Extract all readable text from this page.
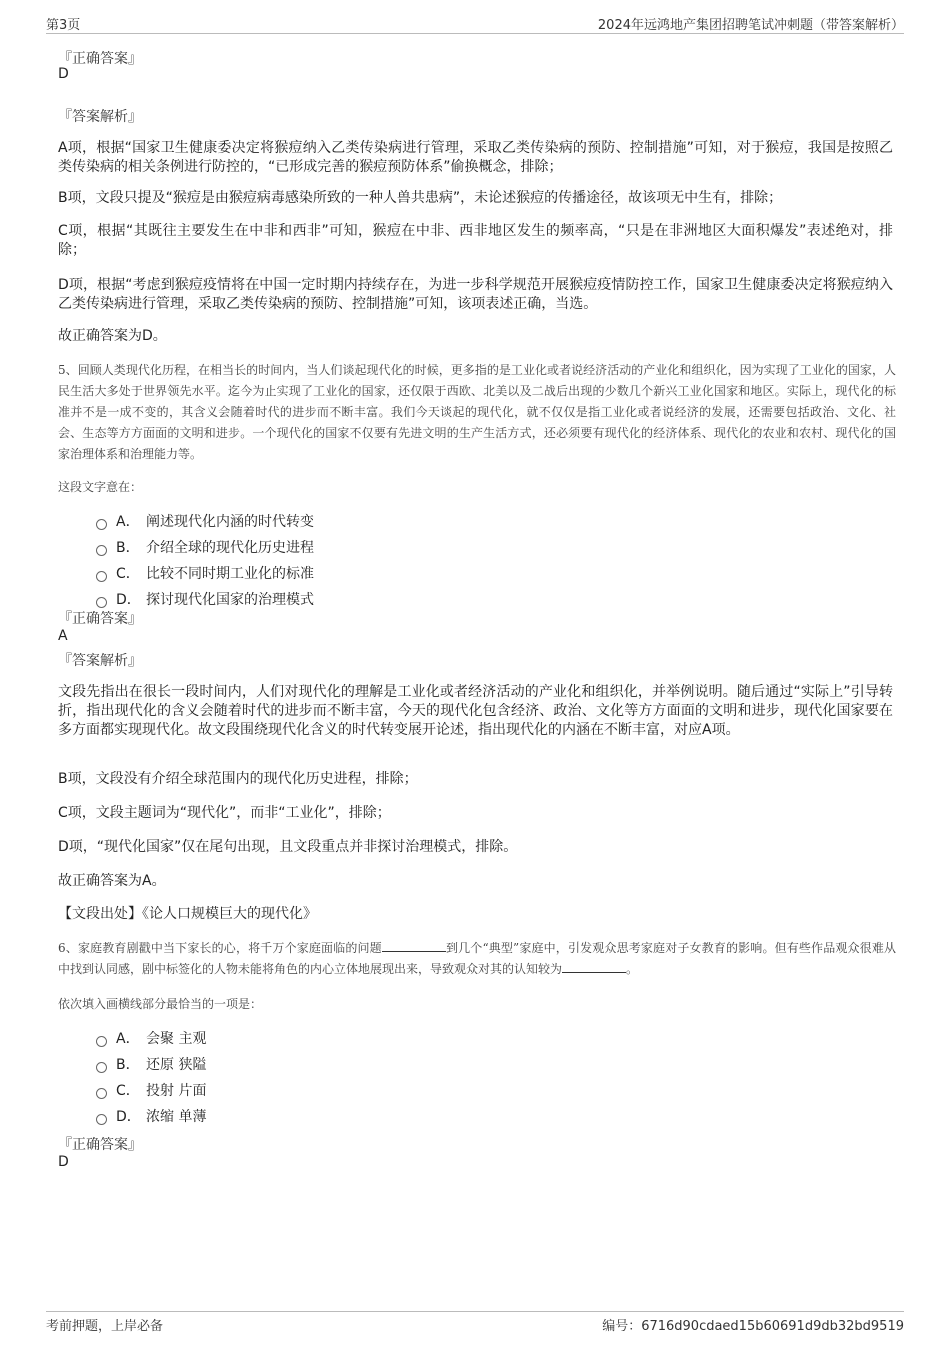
第3页	2024年远鸿地产集团招聘笔试冲刺题（带答案解析）
『正确答案』
D
『答案解析』
A项，根据“国家卫生健康委决定将猴痘纳入乙类传染病进行管理，采取乙类传染病的预防、控制措施”可知，对于猴痘，我国是按照乙类传染病的相关条例进行防控的，“已形成完善的猴痘预防体系”偷换概念，排除；
B项，文段只提及“猴痘是由猴痘病毒感染所致的一种人兽共患病”，未论述猴痘的传播途径，故该项无中生有，排除；
C项，根据“其既往主要发生在中非和西非”可知，猴痘在中非、西非地区发生的频率高，“只是在非洲地区大面积爆发”表述绝对，排除；
D项，根据“考虑到猴痘疫情将在中国一定时期内持续存在，为进一步科学规范开展猴痘疫情防控工作，国家卫生健康委决定将猴痘纳入乙类传染病进行管理，采取乙类传染病的预防、控制措施”可知，该项表述正确，当选。
故正确答案为D。
5、回顾人类现代化历程，在相当长的时间内，当人们谈起现代化的时候，更多指的是工业化或者说经济活动的产业化和组织化，因为实现了工业化的国家，人民生活大多处于世界领先水平。迄今为止实现了工业化的国家，还仅限于西欧、北美以及二战后出现的少数几个新兴工业化国家和地区。实际上，现代化的标准并不是一成不变的，其含义会随着时代的进步而不断丰富。我们今天谈起的现代化，就不仅仅是指工业化或者说经济的发展，还需要包括政治、文化、社会、生态等方方面面的文明和进步。一个现代化的国家不仅要有先进文明的生产生活方式，还必须要有现代化的经济体系、现代化的农业和农村、现代化的国家治理体系和治理能力等。
这段文字意在：
A． 阐述现代化内涵的时代转变
B． 介绍全球的现代化历史进程
C． 比较不同时期工业化的标准
D． 探讨现代化国家的治理模式
『正确答案』
A
『答案解析』
文段先指出在很长一段时间内，人们对现代化的理解是工业化或者经济活动的产业化和组织化，并举例说明。随后通过“实际上”引导转折，指出现代化的含义会随着时代的进步而不断丰富，今天的现代化包含经济、政治、文化等方方面面的文明和进步，现代化国家要在多方面都实现现代化。故文段围绕现代化含义的时代转变展开论述，指出现代化的内涵在不断丰富，对应A项。
B项，文段没有介绍全球范围内的现代化历史进程，排除；
C项，文段主题词为“现代化”，而非“工业化”，排除；
D项，“现代化国家”仅在尾句出现，且文段重点并非探讨治理模式，排除。
故正确答案为A。
【文段出处】《论人口规模巨大的现代化》
6、家庭教育剧戳中当下家长的心，将千万个家庭面临的问题	到几个“典型”家庭中，引发观众思考家庭对子女教育的影响。但有些作品观众很难从中找到认同感，剧中标签化的人物未能将角色的内心立体地展现出来，导致观众对其的认知较为	。
依次填入画横线部分最恰当的一项是：
A． 会聚 主观
B． 还原 狭隘
C． 投射 片面
D． 浓缩 单薄
『正确答案』
D
考前押题，上岸必备	编号：6716d90cdaed15b60691d9db32bd9519
